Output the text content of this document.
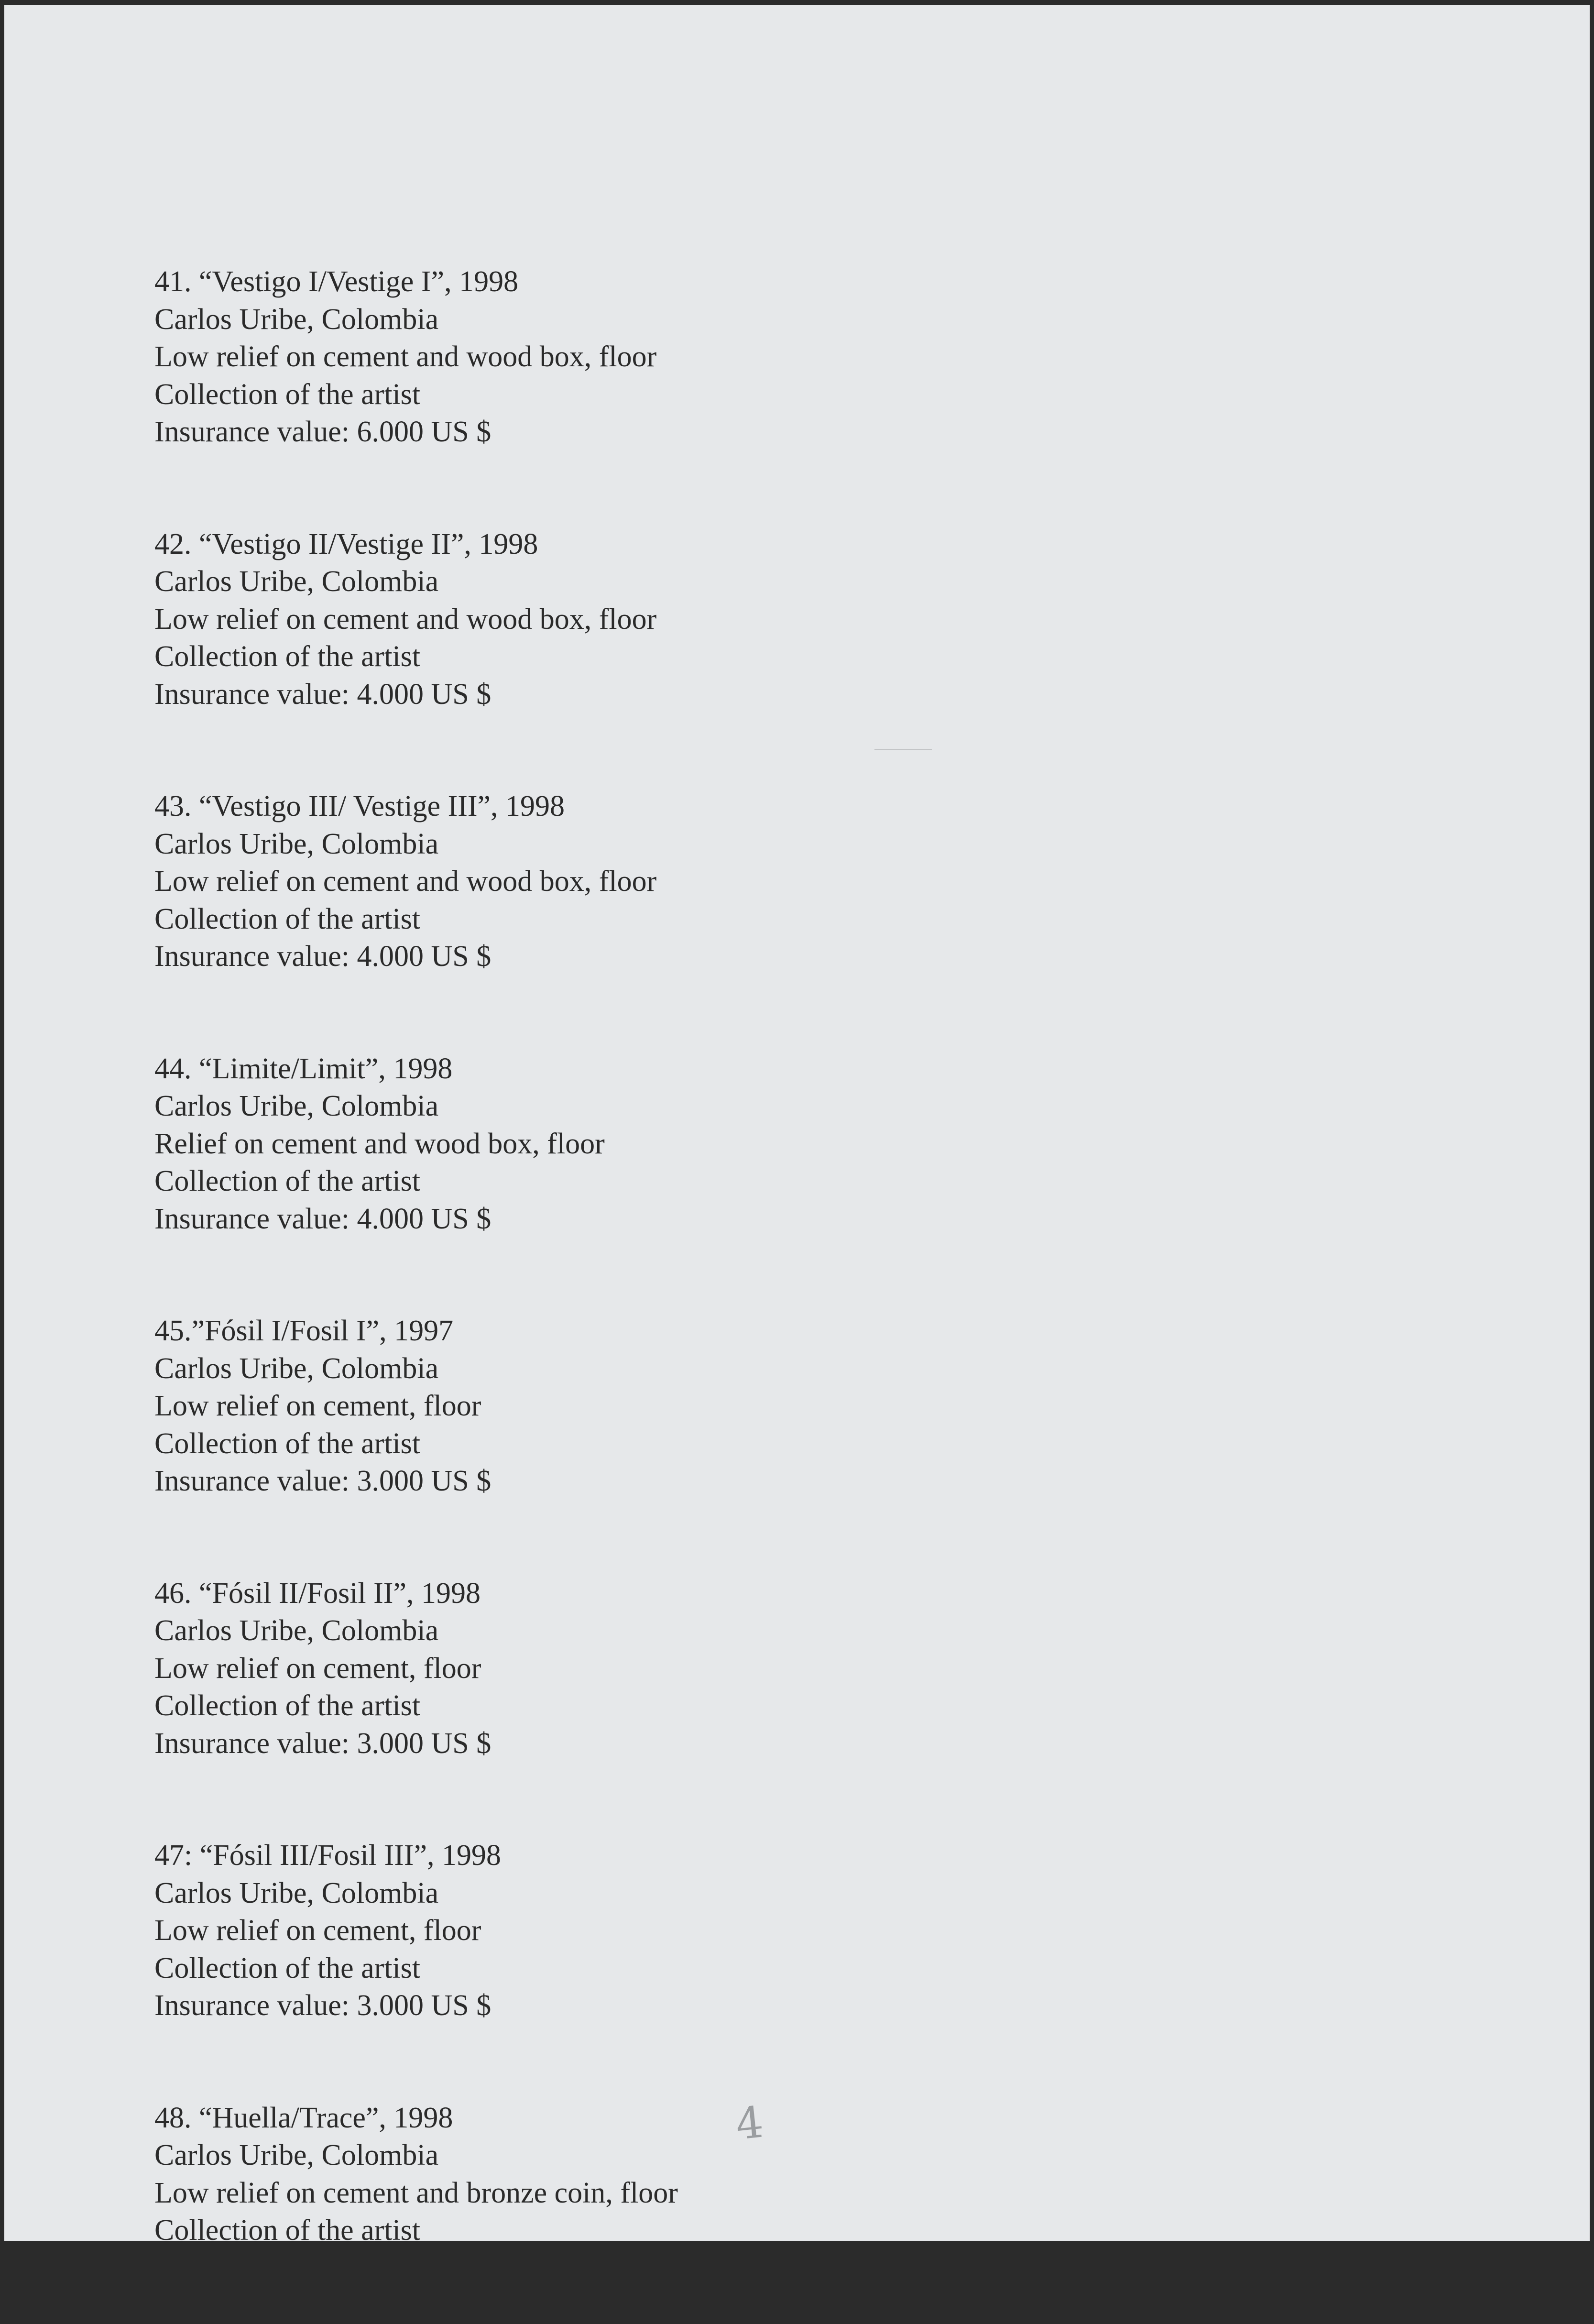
41. “Vestigo I/Vestige I”, 1998
Carlos Uribe, Colombia
Low relief on cement and wood box, floor
Collection of the artist
Insurance value: 6.000 US $
42. “Vestigo II/Vestige II”, 1998
Carlos Uribe, Colombia
Low relief on cement and wood box, floor
Collection of the artist
Insurance value: 4.000 US $
43. “Vestigo III/ Vestige III”, 1998
Carlos Uribe, Colombia
Low relief on cement and wood box, floor
Collection of the artist
Insurance value: 4.000 US $
44. “Limite/Limit”, 1998
Carlos Uribe, Colombia
Relief on cement and wood box, floor
Collection of the artist
Insurance value: 4.000 US $
45.”Fósil I/Fosil I”, 1997
Carlos Uribe, Colombia
Low relief on cement, floor
Collection of the artist
Insurance value: 3.000 US $
46. “Fósil II/Fosil II”, 1998
Carlos Uribe, Colombia
Low relief on cement, floor
Collection of the artist
Insurance value: 3.000 US $
47: “Fósil III/Fosil III”, 1998
Carlos Uribe, Colombia
Low relief on cement, floor
Collection of the artist
Insurance value: 3.000 US $
48. “Huella/Trace”, 1998
Carlos Uribe, Colombia
Low relief on cement and bronze coin, floor
Collection of the artist
4
